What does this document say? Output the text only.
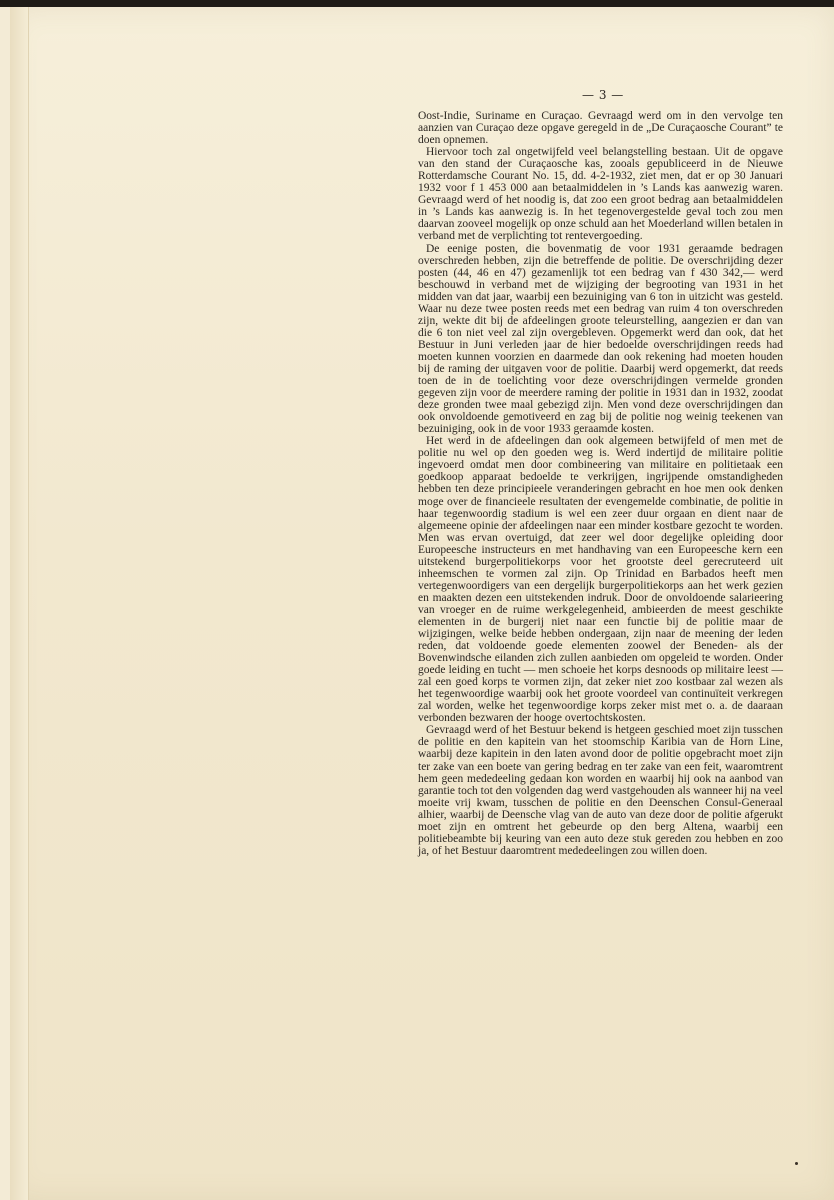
— 3 —

Oost-Indie, Suriname en Curaçao. Gevraagd werd om in den vervolge ten aanzien van Curaçao deze opgave geregeld in de „De Curaçaosche Courant” te doen opnemen.

Hiervoor toch zal ongetwijfeld veel belangstelling bestaan. Uit de opgave van den stand der Curaçaosche kas, zooals gepubliceerd in de Nieuwe Rotterdamsche Courant No. 15, dd. 4-2-1932, ziet men, dat er op 30 Januari 1932 voor f 1 453 000 aan betaalmiddelen in ’s Lands kas aanwezig waren. Gevraagd werd of het noodig is, dat zoo een groot bedrag aan betaalmiddelen in ’s Lands kas aanwezig is. In het tegenovergestelde geval toch zou men daarvan zooveel mogelijk op onze schuld aan het Moederland willen betalen in verband met de verplichting tot rentevergoeding.

De eenige posten, die bovenmatig de voor 1931 geraamde bedragen overschreden hebben, zijn die betreffende de politie. De overschrijding dezer posten (44, 46 en 47) gezamenlijk tot een bedrag van f 430 342,— werd beschouwd in verband met de wijziging der begrooting van 1931 in het midden van dat jaar, waarbij een bezuiniging van 6 ton in uitzicht was gesteld. Waar nu deze twee posten reeds met een bedrag van ruim 4 ton overschreden zijn, wekte dit bij de afdeelingen groote teleurstelling, aangezien er dan van die 6 ton niet veel zal zijn overgebleven. Opgemerkt werd dan ook, dat het Bestuur in Juni verleden jaar de hier bedoelde overschrijdingen reeds had moeten kunnen voorzien en daarmede dan ook rekening had moeten houden bij de raming der uitgaven voor de politie. Daarbij werd opgemerkt, dat reeds toen de in de toelichting voor deze overschrijdingen vermelde gronden gegeven zijn voor de meerdere raming der politie in 1931 dan in 1932, zoodat deze gronden twee maal gebezigd zijn. Men vond deze overschrijdingen dan ook onvoldoende gemotiveerd en zag bij de politie nog weinig teekenen van bezuiniging, ook in de voor 1933 geraamde kosten.

Het werd in de afdeelingen dan ook algemeen betwijfeld of men met de politie nu wel op den goeden weg is. Werd indertijd de militaire politie ingevoerd omdat men door combineering van militaire en politietaak een goedkoop apparaat bedoelde te verkrijgen, ingrijpende omstandigheden hebben ten deze principieele veranderingen gebracht en hoe men ook denken moge over de financieele resultaten der evengemelde combinatie, de politie in haar tegenwoordig stadium is wel een zeer duur orgaan en dient naar de algemeene opinie der afdeelingen naar een minder kostbare gezocht te worden. Men was ervan overtuigd, dat zeer wel door degelijke opleiding door Europeesche instructeurs en met handhaving van een Europeesche kern een uitstekend burgerpolitiekorps voor het grootste deel gerecruteerd uit inheemschen te vormen zal zijn. Op Trinidad en Barbados heeft men vertegenwoordigers van een dergelijk burgerpolitiekorps aan het werk gezien en maakten dezen een uitstekenden indruk. Door de onvoldoende salarieering van vroeger en de ruime werkgelegenheid, ambieerden de meest geschikte elementen in de burgerij niet naar een functie bij de politie maar de wijzigingen, welke beide hebben ondergaan, zijn naar de meening der leden reden, dat voldoende goede elementen zoowel der Beneden- als der Bovenwindsche eilanden zich zullen aanbieden om opgeleid te worden. Onder goede leiding en tucht — men schoeie het korps desnoods op militaire leest — zal een goed korps te vormen zijn, dat zeker niet zoo kostbaar zal wezen als het tegenwoordige waarbij ook het groote voordeel van continuïteit verkregen zal worden, welke het tegenwoordige korps zeker mist met o. a. de daaraan verbonden bezwaren der hooge overtochtskosten.

Gevraagd werd of het Bestuur bekend is hetgeen geschied moet zijn tusschen de politie en den kapitein van het stoomschip Karibia van de Horn Line, waarbij deze kapitein in den laten avond door de politie opgebracht moet zijn ter zake van een boete van gering bedrag en ter zake van een feit, waaromtrent hem geen mededeeling gedaan kon worden en waarbij hij ook na aanbod van garantie toch tot den volgenden dag werd vastgehouden als wanneer hij na veel moeite vrij kwam, tusschen de politie en den Deenschen Consul-Generaal alhier, waarbij de Deensche vlag van de auto van deze door de politie afgerukt moet zijn en omtrent het gebeurde op den berg Altena, waarbij een politiebeambte bij keuring van een auto deze stuk gereden zou hebben en zoo ja, of het Bestuur daaromtrent mededeelingen zou willen doen.
